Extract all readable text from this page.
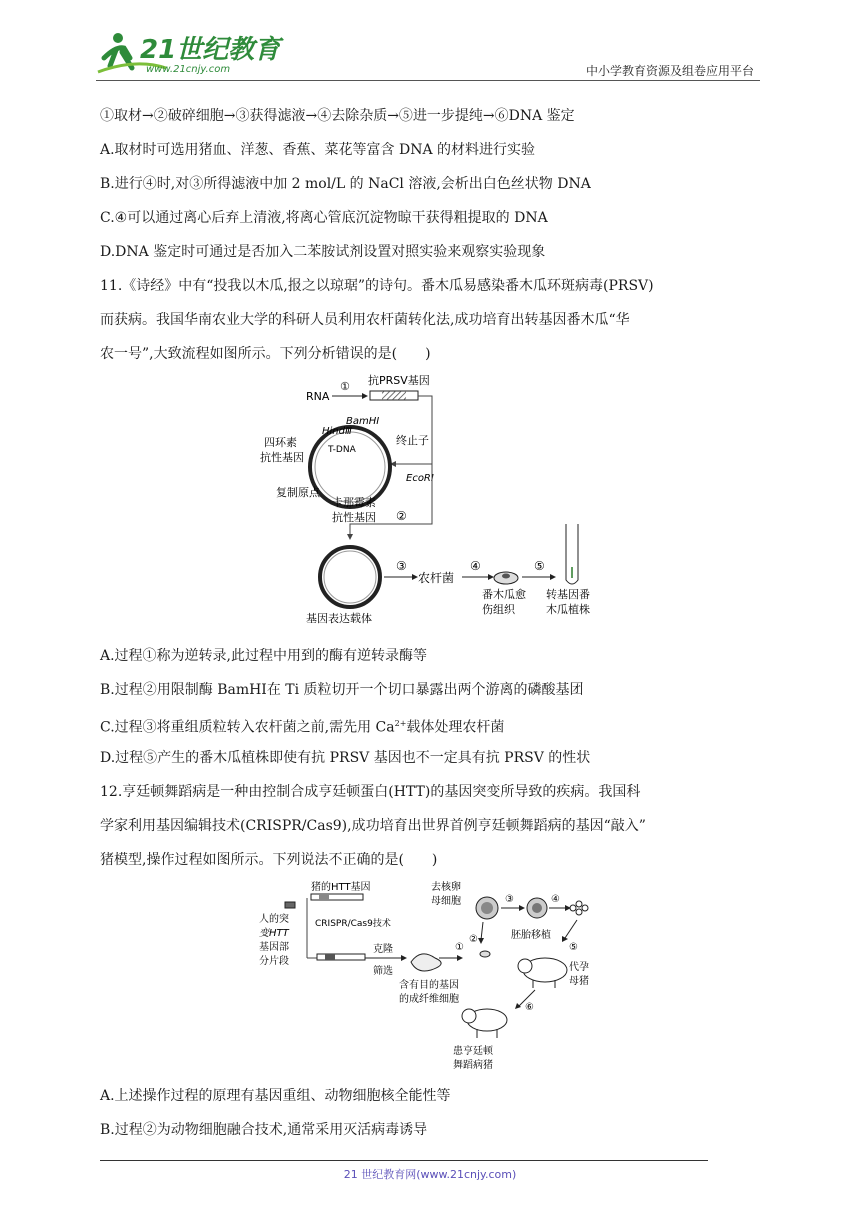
21世纪教育
www.21cnjy.com	中小学教育资源及组卷应用平台
①取材→②破碎细胞→③获得滤液→④去除杂质→⑤进一步提纯→⑥DNA 鉴定
A.取材时可选用猪血、洋葱、香蕉、菜花等富含 DNA 的材料进行实验
B.进行④时,对③所得滤液中加 2 mol/L 的 NaCl 溶液,会析出白色丝状物 DNA
C.④可以通过离心后弃上清液,将离心管底沉淀物晾干获得粗提取的 DNA
D.DNA 鉴定时可通过是否加入二苯胺试剂设置对照实验来观察实验现象
11.《诗经》中有“投我以木瓜,报之以琼琚”的诗句。番木瓜易感染番木瓜环斑病毒(PRSV)
而获病。我国华南农业大学的科研人员利用农杆菌转化法,成功培育出转基因番木瓜“华
农一号”,大致流程如图所示。下列分析错误的是(　　)
RNA
① 抗PRSV基因
HindⅢ
BamHⅠ
T-DNA
终止子
四环素
抗性基因
EcoRⅠ
复制原点
卡那霉素
抗性基因 ②
基因表达载体
③
农杆菌
④
番木瓜愈
伤组织
⑤
转基因番
木瓜植株
A.过程①称为逆转录,此过程中用到的酶有逆转录酶等
B.过程②用限制酶 BamHⅠ在 Ti 质粒切开一个切口暴露出两个游离的磷酸基团
C.过程③将重组质粒转入农杆菌之前,需先用 $Ca^{2+}$载体处理农杆菌
D.过程⑤产生的番木瓜植株即使有抗 PRSV 基因也不一定具有抗 PRSV 的性状
12.亨廷顿舞蹈病是一种由控制合成亨廷顿蛋白(HTT)的基因突变所导致的疾病。我国科
学家利用基因编辑技术(CRISPR/Cas9),成功培育出世界首例亨廷顿舞蹈病的基因“敲入”
猪模型,操作过程如图所示。下列说法不正确的是(　　)
猪的HTT基因
人的突
变HTT
基因部
分片段
CRISPR/Cas9技术
克隆
筛选
含有目的基因
的成纤维细胞
①
去核卵
母细胞
②
③	④
胚胎移植
⑤
代孕
母猪
⑥
患亨廷顿
舞蹈病猪
A.上述操作过程的原理有基因重组、动物细胞核全能性等
B.过程②为动物细胞融合技术,通常采用灭活病毒诱导
21 世纪教育网(www.21cnjy.com)
